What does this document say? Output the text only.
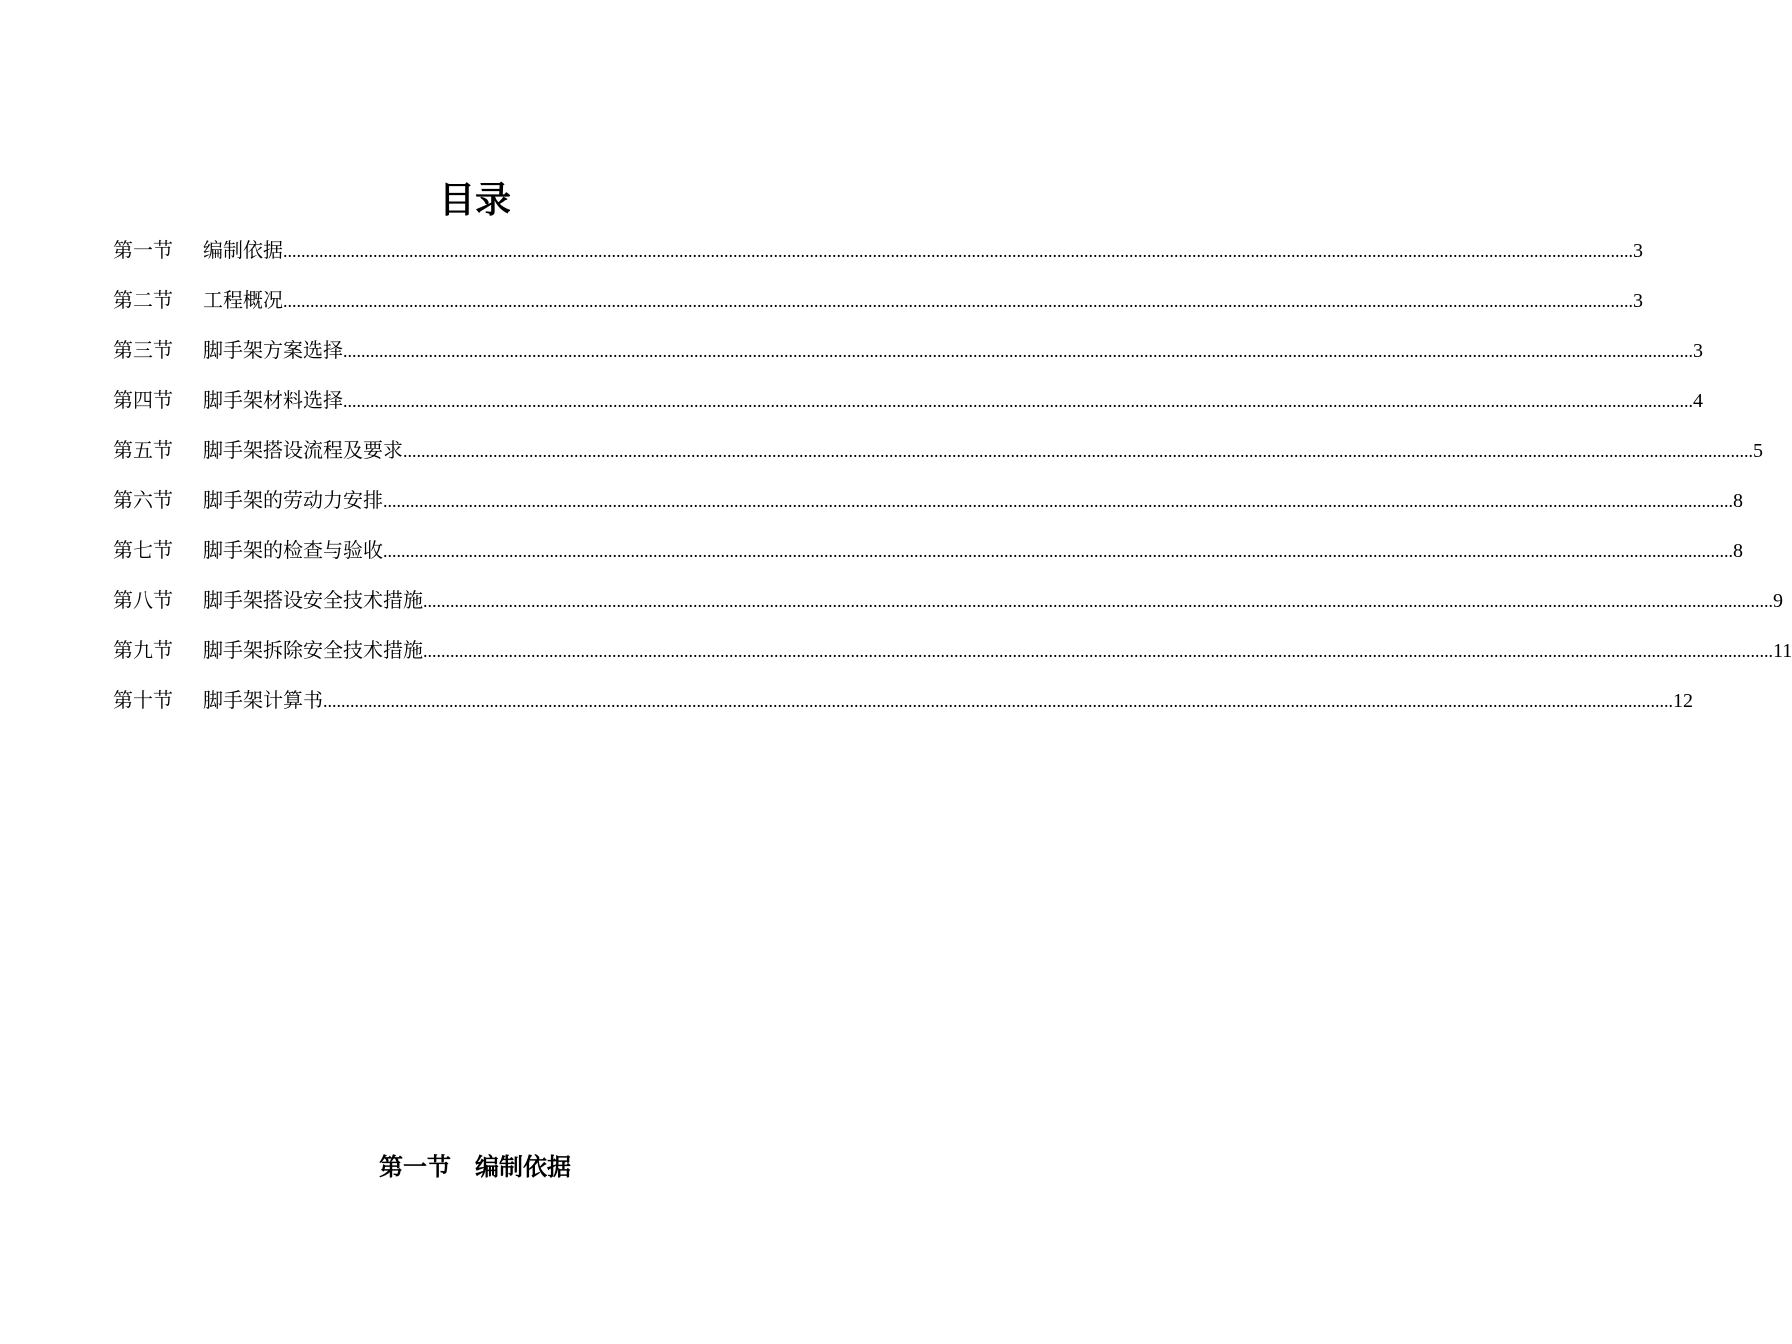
目录
第一节	编制依据 ............................................................................................................................................................................................................................................................................................................ 3
第二节	工程概况 ............................................................................................................................................................................................................................................................................................................ 3
第三节	脚手架方案选择 ............................................................................................................................................................................................................................................................................................................ 3
第四节	脚手架材料选择 ............................................................................................................................................................................................................................................................................................................ 4
第五节	脚手架搭设流程及要求 ............................................................................................................................................................................................................................................................................................................ 5
第六节	脚手架的劳动力安排 ............................................................................................................................................................................................................................................................................................................ 8
第七节	脚手架的检查与验收 ............................................................................................................................................................................................................................................................................................................ 8
第八节	脚手架搭设安全技术措施 ............................................................................................................................................................................................................................................................................................................ 9
第九节	脚手架拆除安全技术措施 ............................................................................................................................................................................................................................................................................................................ 11
第十节	脚手架计算书 ............................................................................................................................................................................................................................................................................................................ 12
第一节　编制依据
